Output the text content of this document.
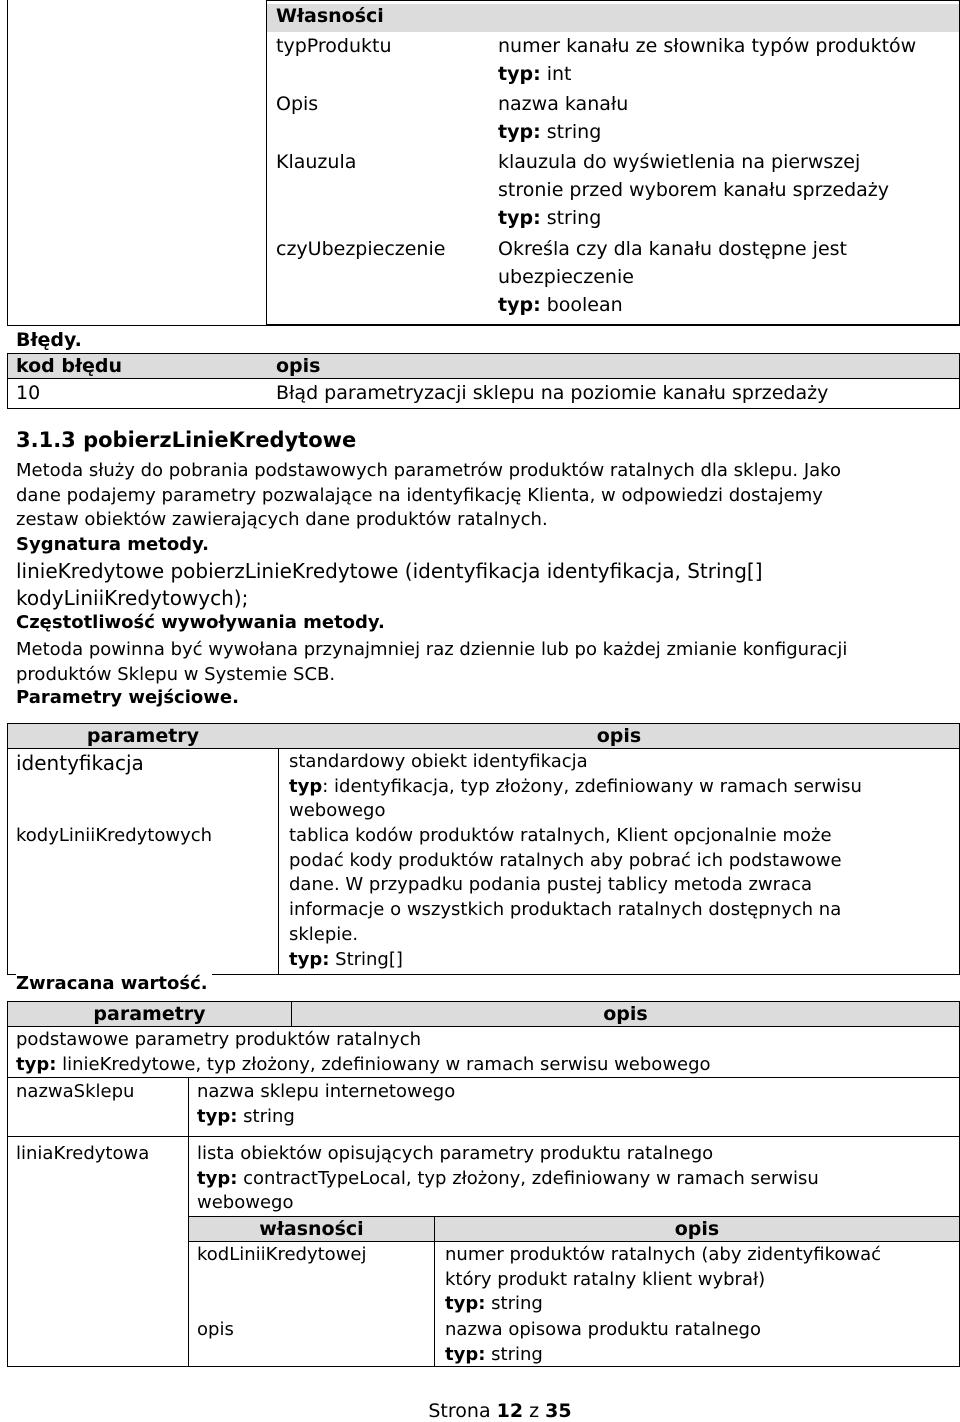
Własności
typProduktu	numer kanału ze słownika typów produktów
typ: int
Opis	nazwa kanału
typ: string
Klauzula	klauzula do wyświetlenia na pierwszej
stronie przed wyborem kanału sprzedaży
typ: string
czyUbezpieczenie	Określa czy dla kanału dostępne jest
ubezpieczenie
typ: boolean
Błędy.
kod błędu	opis
10	Błąd parametryzacji sklepu na poziomie kanału sprzedaży
3.1.3 pobierzLinieKredytowe
Metoda służy do pobrania podstawowych parametrów produktów ratalnych dla sklepu. Jako
dane podajemy parametry pozwalające na identyfikację Klienta, w odpowiedzi dostajemy
zestaw obiektów zawierających dane produktów ratalnych.
Sygnatura metody.
linieKredytowe pobierzLinieKredytowe (identyfikacja identyfikacja, String[]
kodyLiniiKredytowych);
Częstotliwość wywoływania metody.
Metoda powinna być wywołana przynajmniej raz dziennie lub po każdej zmianie konfiguracji
produktów Sklepu w Systemie SCB.
Parametry wejściowe.
parametry	opis
identyfikacja	standardowy obiekt identyfikacja
typ: identyfikacja, typ złożony, zdefiniowany w ramach serwisu
webowego
kodyLiniiKredytowych	tablica kodów produktów ratalnych, Klient opcjonalnie może
podać kody produktów ratalnych aby pobrać ich podstawowe
dane. W przypadku podania pustej tablicy metoda zwraca
informacje o wszystkich produktach ratalnych dostępnych na
sklepie.
typ: String[]
Zwracana wartość.
parametry	opis
podstawowe parametry produktów ratalnych
typ: linieKredytowe, typ złożony, zdefiniowany w ramach serwisu webowego
nazwaSklepu	nazwa sklepu internetowego
typ: string
liniaKredytowa	lista obiektów opisujących parametry produktu ratalnego
typ: contractTypeLocal, typ złożony, zdefiniowany w ramach serwisu
webowego
własności	opis
kodLiniiKredytowej	numer produktów ratalnych (aby zidentyfikować
który produkt ratalny klient wybrał)
typ: string
opis	nazwa opisowa produktu ratalnego
typ: string
Strona 12 z 35
